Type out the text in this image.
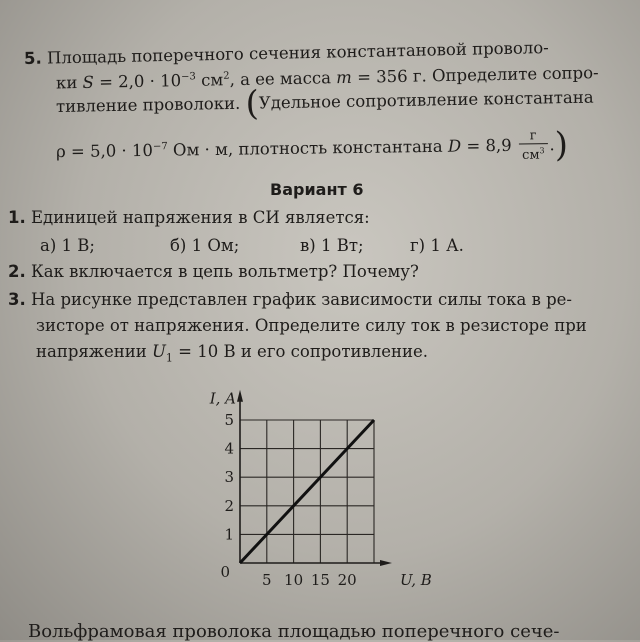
5. Площадь поперечного сечения константановой проволо-
ки $S = 2,0 \cdot 10^{-3}$ $см^2$, а ее масса m = 356 г. Определите сопро-
тивление проволоки. (Удельное сопротивление константана
$\rho = 5,0 \cdot 10^{-7}$ Ом · м, плотность константана $D = 8,9 \frac{г}{см^3}$ .)
Вариант 6
1. Единицей напряжения в СИ является:
а) 1 В;	б) 1 Ом;	в) 1 Вт;	г) 1 А.
2. Как включается в цепь вольтметр? Почему?
3. На рисунке представлен график зависимости силы тока в ре-
зисторе от напряжения. Определите силу ток в резисторе при
напряжении $U_1 = 10$ В и его сопротивление.
1
2
3
4
5
5 10 15 20
0
I, A
U, В
Вольфрамовая проволока площадью поперечного сече-
